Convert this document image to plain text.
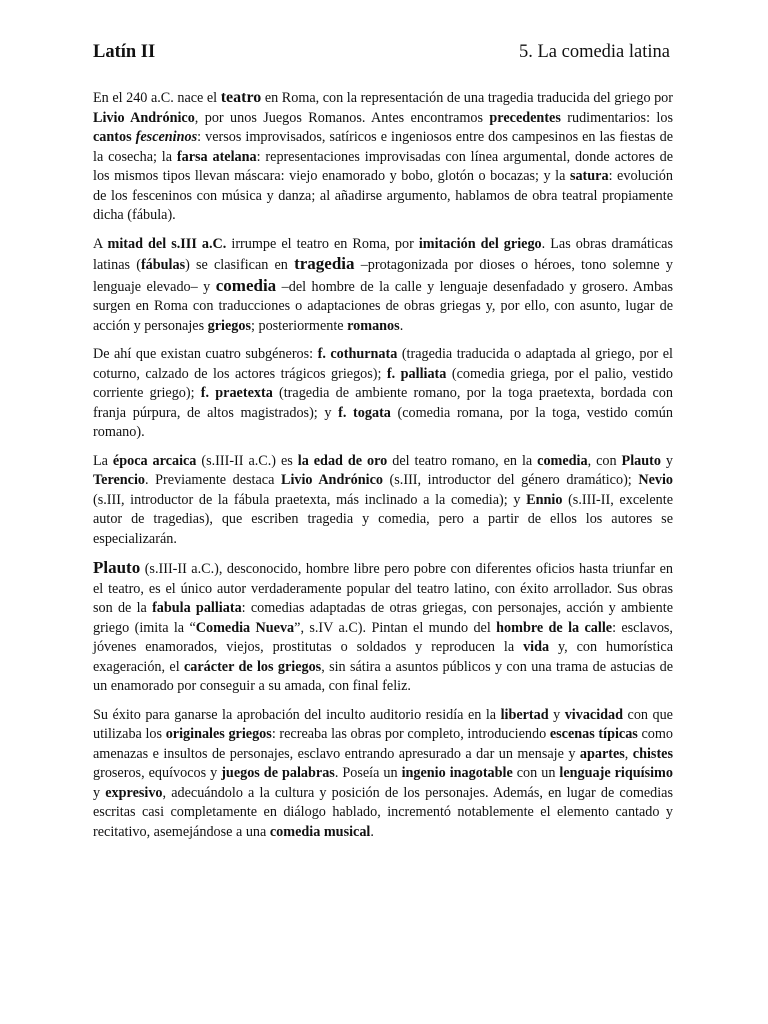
Latín II	5. La comedia latina

En el 240 a.C. nace el teatro en Roma, con la representación de una tragedia traducida del griego por Livio Andrónico, por unos Juegos Romanos. Antes encontramos precedentes rudimentarios: los cantos fesceninos: versos improvisados, satíricos e ingeniosos entre dos campesinos en las fiestas de la cosecha; la farsa atelana: representaciones improvisadas con línea argumental, donde actores de los mismos tipos llevan máscara: viejo enamorado y bobo, glotón o bocazas; y la satura: evolución de los fesceninos con música y danza; al añadirse argumento, hablamos de obra teatral propiamente dicha (fábula).

A mitad del s.III a.C. irrumpe el teatro en Roma, por imitación del griego. Las obras dramáticas latinas (fábulas) se clasifican en tragedia –protagonizada por dioses o héroes, tono solemne y lenguaje elevado– y comedia –del hombre de la calle y lenguaje desenfadado y grosero. Ambas surgen en Roma con traducciones o adaptaciones de obras griegas y, por ello, con asunto, lugar de acción y personajes griegos; posteriormente romanos.

De ahí que existan cuatro subgéneros: f. cothurnata (tragedia traducida o adaptada al griego, por el coturno, calzado de los actores trágicos griegos); f. palliata (comedia griega, por el palio, vestido corriente griego); f. praetexta (tragedia de ambiente romano, por la toga praetexta, bordada con franja púrpura, de altos magistrados); y f. togata (comedia romana, por la toga, vestido común romano).

La época arcaica (s.III-II a.C.) es la edad de oro del teatro romano, en la comedia, con Plauto y Terencio. Previamente destaca Livio Andrónico (s.III, introductor del género dramático); Nevio (s.III, introductor de la fábula praetexta, más inclinado a la comedia); y Ennio (s.III-II, excelente autor de tragedias), que escriben tragedia y comedia, pero a partir de ellos los autores se especializarán.

Plauto (s.III-II a.C.), desconocido, hombre libre pero pobre con diferentes oficios hasta triunfar en el teatro, es el único autor verdaderamente popular del teatro latino, con éxito arrollador. Sus obras son de la fabula palliata: comedias adaptadas de otras griegas, con personajes, acción y ambiente griego (imita la “Comedia Nueva”, s.IV a.C). Pintan el mundo del hombre de la calle: esclavos, jóvenes enamorados, viejos, prostitutas o soldados y reproducen la vida y, con humorística exageración, el carácter de los griegos, sin sátira a asuntos públicos y con una trama de astucias de un enamorado por conseguir a su amada, con final feliz.

Su éxito para ganarse la aprobación del inculto auditorio residía en la libertad y vivacidad con que utilizaba los originales griegos: recreaba las obras por completo, introduciendo escenas típicas como amenazas e insultos de personajes, esclavo entrando apresurado a dar un mensaje y apartes, chistes groseros, equívocos y juegos de palabras. Poseía un ingenio inagotable con un lenguaje riquísimo y expresivo, adecuándolo a la cultura y posición de los personajes. Además, en lugar de comedias escritas casi completamente en diálogo hablado, incrementó notablemente el elemento cantado y recitativo, asemejándose a una comedia musical.
